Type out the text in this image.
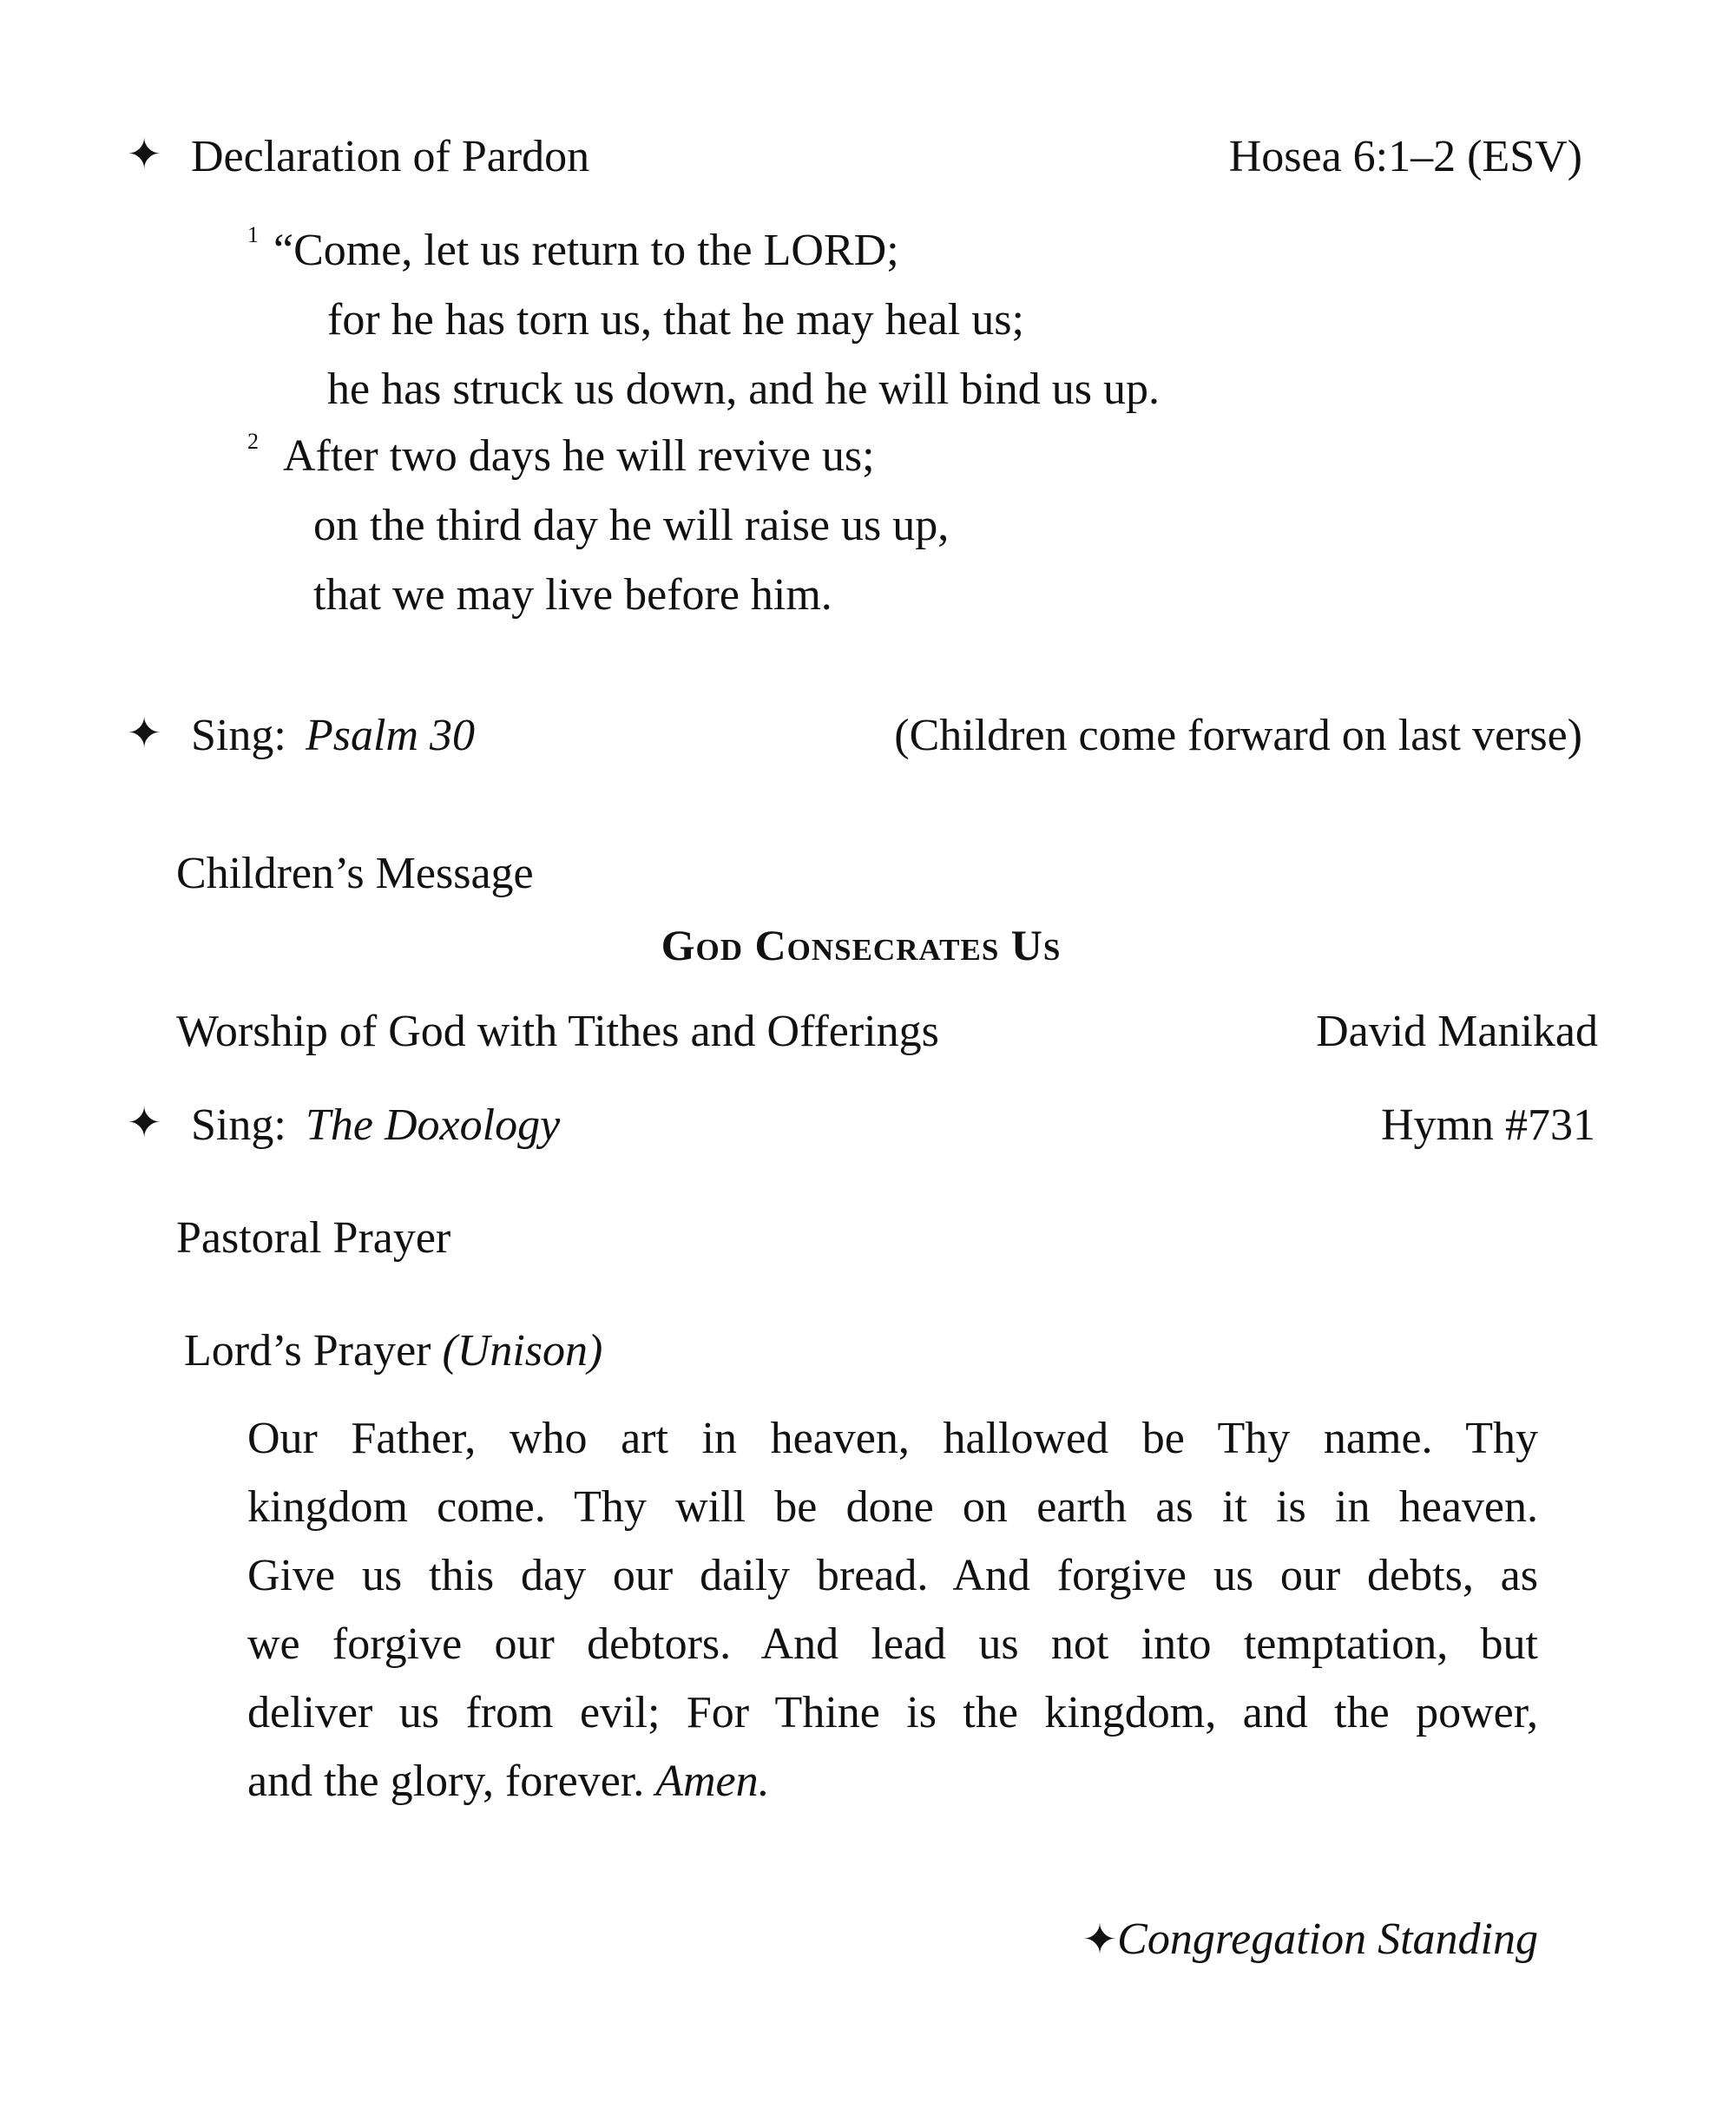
✦ Declaration of Pardon	Hosea 6:1–2 (ESV)
1 “Come, let us return to the LORD;
for he has torn us, that he may heal us;
he has struck us down, and he will bind us up.
2 After two days he will revive us;
on the third day he will raise us up,
that we may live before him.
✦ Sing: Psalm 30	(Children come forward on last verse)
Children’s Message
God Consecrates Us
Worship of God with Tithes and Offerings	David Manikad
✦ Sing: The Doxology	Hymn #731
Pastoral Prayer
Lord’s Prayer (Unison)
Our Father, who art in heaven, hallowed be Thy name. Thy
kingdom come. Thy will be done on earth as it is in heaven.
Give us this day our daily bread. And forgive us our debts, as
we forgive our debtors. And lead us not into temptation, but
deliver us from evil; For Thine is the kingdom, and the power,
and the glory, forever. Amen.
✦Congregation Standing
